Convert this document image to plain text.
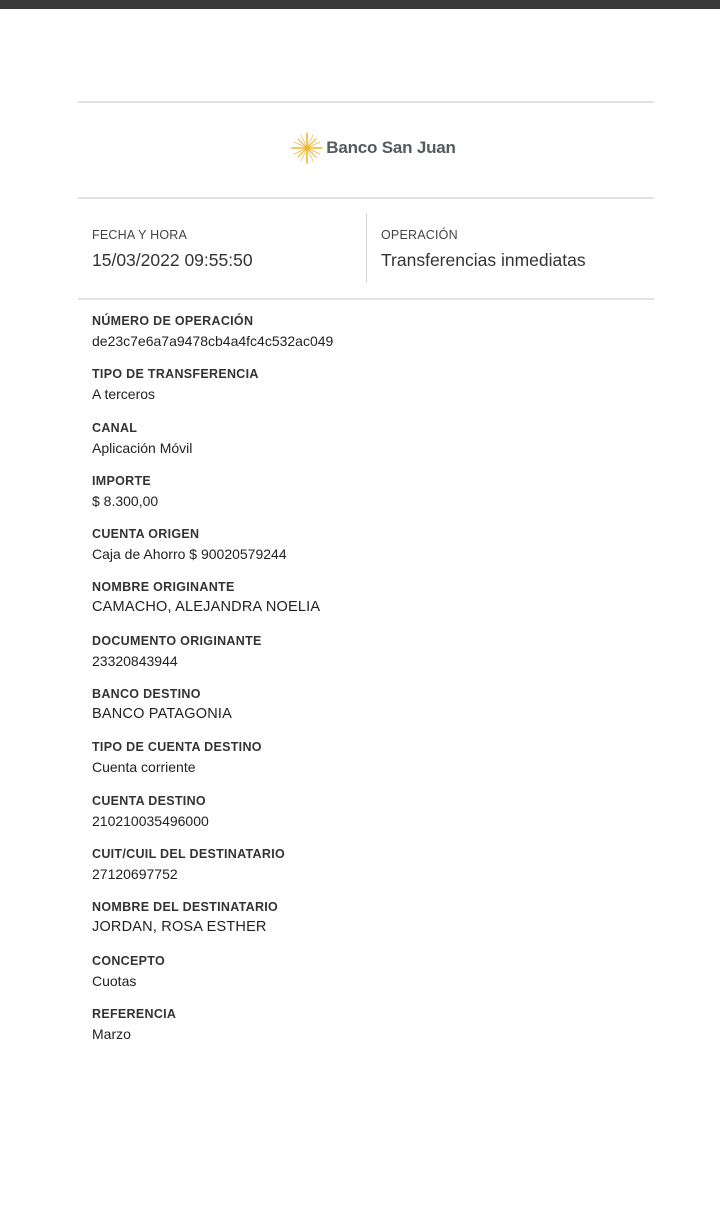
Banco San Juan
FECHA Y HORA
15/03/2022 09:55:50
OPERACIÓN
Transferencias inmediatas
NÚMERO DE OPERACIÓN
de23c7e6a7a9478cb4a4fc4c532ac049
TIPO DE TRANSFERENCIA
A terceros
CANAL
Aplicación Móvil
IMPORTE
$ 8.300,00
CUENTA ORIGEN
Caja de Ahorro $ 90020579244
NOMBRE ORIGINANTE
CAMACHO, ALEJANDRA NOELIA
DOCUMENTO ORIGINANTE
23320843944
BANCO DESTINO
BANCO PATAGONIA
TIPO DE CUENTA DESTINO
Cuenta corriente
CUENTA DESTINO
210210035496000
CUIT/CUIL DEL DESTINATARIO
27120697752
NOMBRE DEL DESTINATARIO
JORDAN, ROSA ESTHER
CONCEPTO
Cuotas
REFERENCIA
Marzo
